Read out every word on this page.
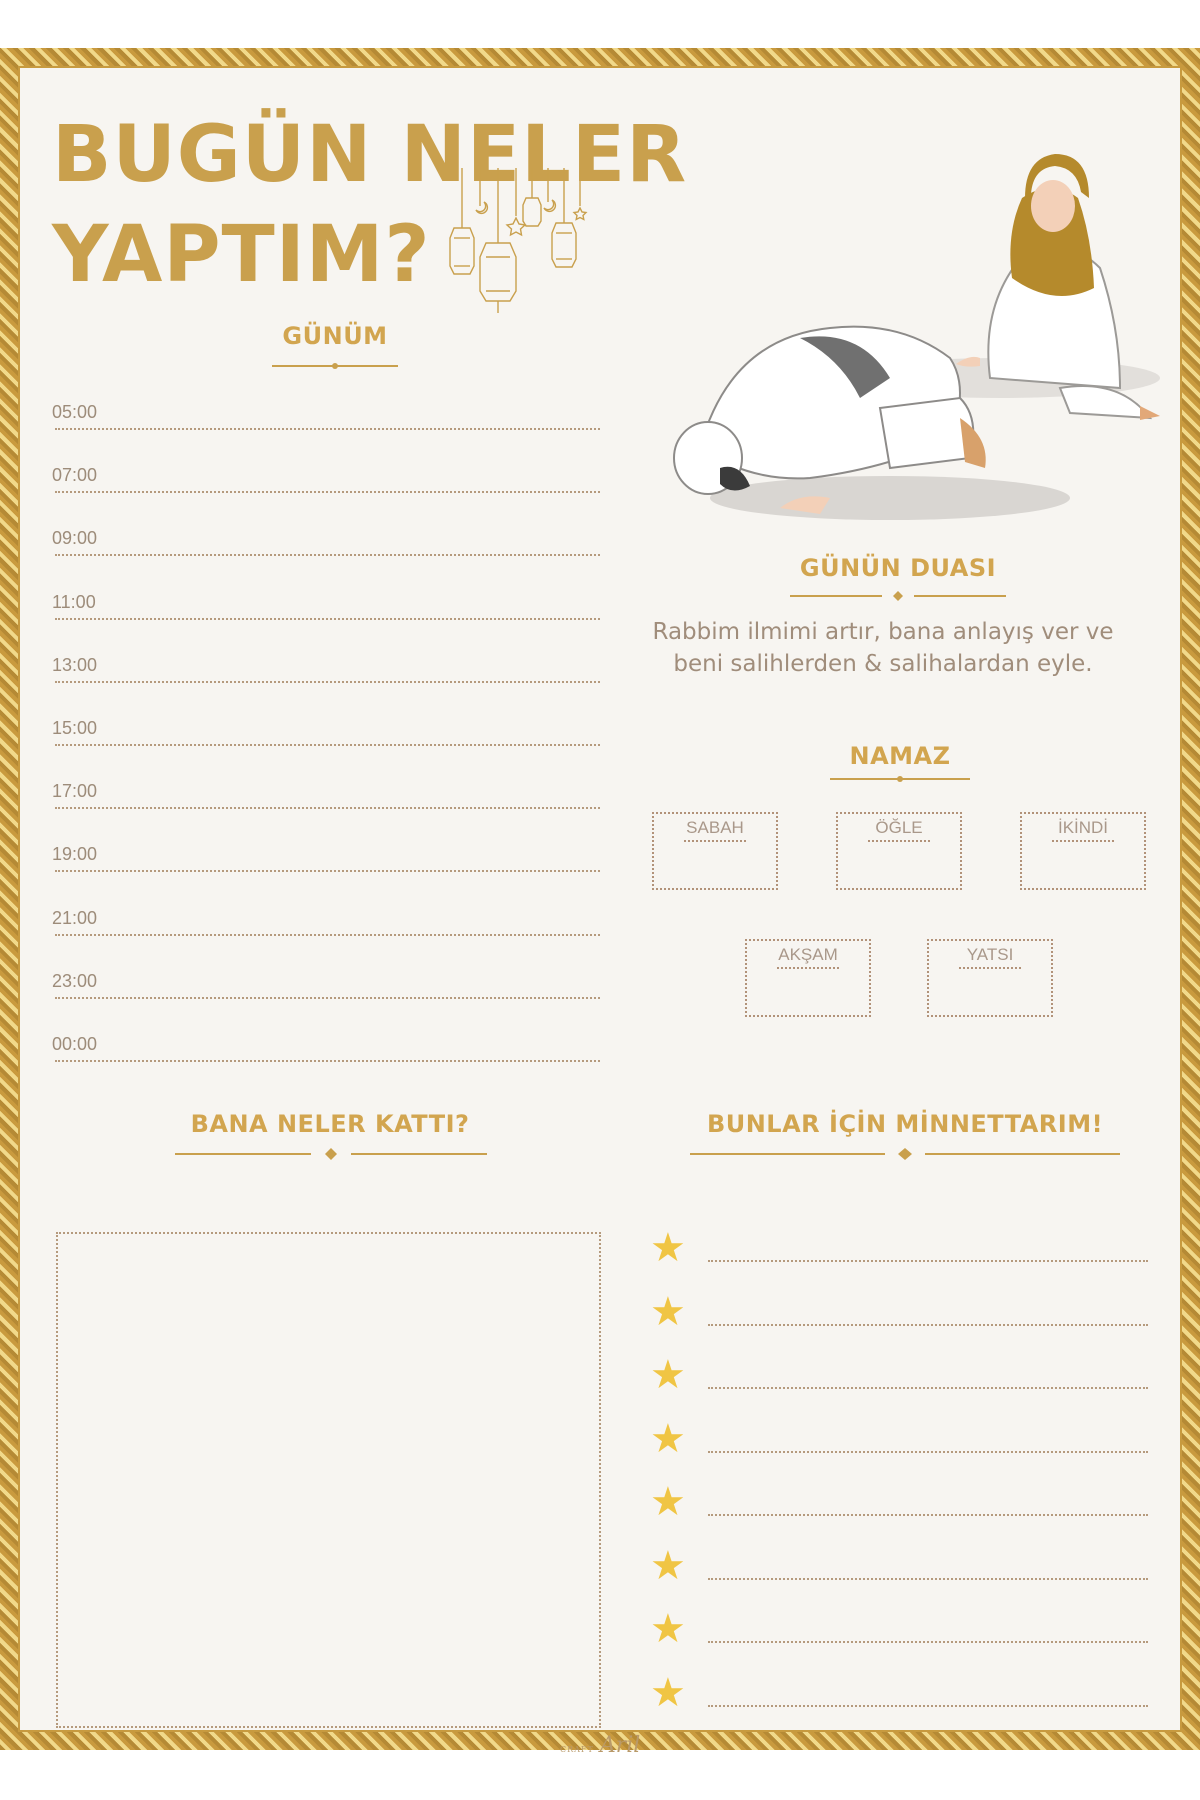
BUGÜN NELER
YAPTIM?
GÜNÜM
05:00
07:00
09:00
11:00
13:00
15:00
17:00
19:00
21:00
23:00
00:00
GÜNÜN DUASI
Rabbim ilmimi artır, bana anlayış ver ve beni salihlerden & salihalardan eyle.
NAMAZ
SABAH	ÖĞLE	İKİNDİ
AKŞAM	YATSI
BANA NELER KATTI?	BUNLAR İÇİN MİNNETTARIM!
★
★
★
★
★
★
★
★
CRAFT Aril
